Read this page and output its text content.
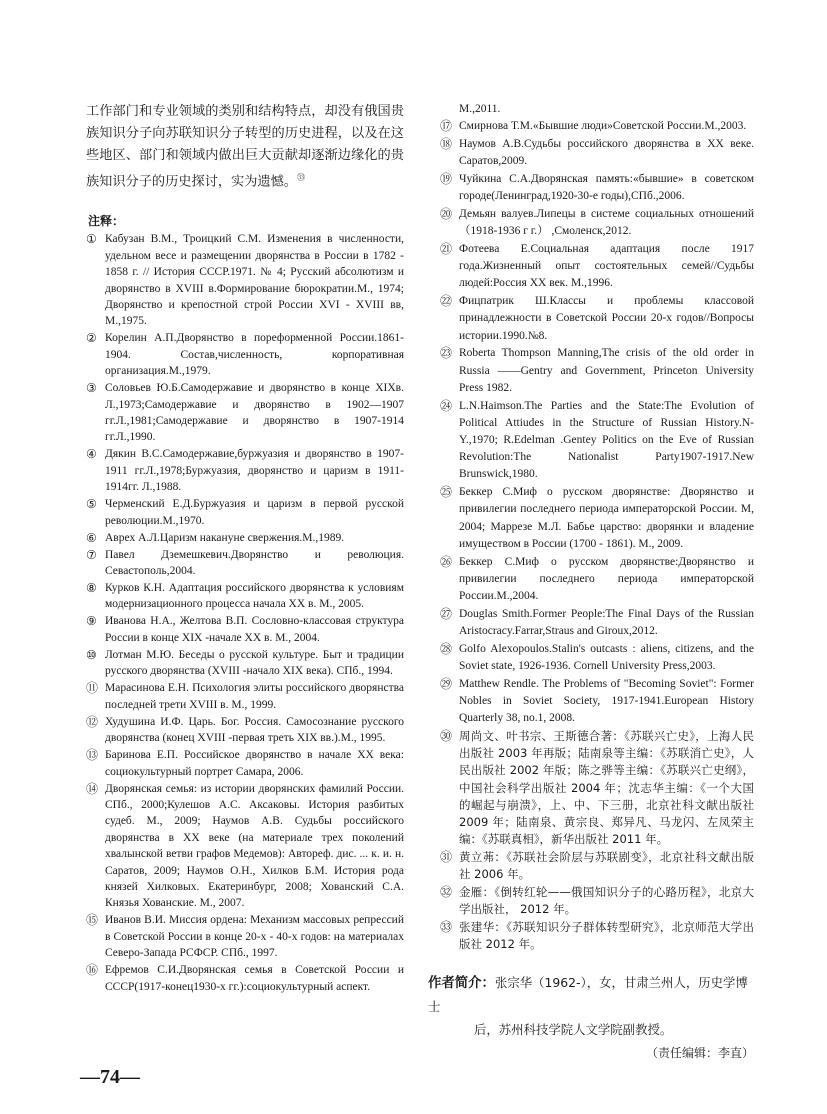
工作部门和专业领域的类别和结构特点，却没有俄国贵族知识分子向苏联知识分子转型的历史进程，以及在这些地区、部门和领域内做出巨大贡献却逐渐边缘化的贵族知识分子的历史探讨，实为遗憾。$^㉝$

注释：
① Кабузан В.М., Троицкий С.М. Изменения в численности, удельном весе и размещении дворянства в России в 1782 - 1858 г. // История СССР.1971. № 4; Русский абсолютизм и дворянство в XVIII в.Формирование бюрократии.М., 1974; Дворянство и крепостной строй России XVI - XVIII вв, М.,1975.
② Корелин А.П.Дворянство в пореформенной России.1861-1904. Состав,численность, корпоративная организация.М.,1979.
③ Соловьев Ю.Б.Самодержавие и дворянство в конце XIXв. Л.,1973;Самодержавие и дворянство в 1902—1907 гг.Л.,1981;Самодержавие и дворянство в 1907-1914 гг.Л.,1990.
④ Дякин В.С.Самодержавие,буржуазия и дворянство в 1907-1911 гг.Л.,1978;Буржуазия, дворянство и царизм в 1911-1914гг. Л.,1988.
⑤ Черменский Е.Д.Буржуазия и царизм в первой русской революции.М.,1970.
⑥ Аврех А.Л.Царизм накануне свержения.М.,1989.
⑦ Павел Дземешкевич.Дворянство и революция. Севастополь,2004.
⑧ Курков К.Н. Адаптация российского дворянства к условиям модернизационного процесса начала XX в. М., 2005.
⑨ Иванова Н.А., Желтова В.П. Сословно-классовая структура России в конце XIX -начале XX в. М., 2004.
⑩ Лотман М.Ю. Беседы о русской культуре. Быт и традиции русского дворянства (XVIII -начало XIX века). СПб., 1994.
⑪ Марасинова Е.Н. Психология элиты российского дворянства последней трети XVIII в. М., 1999.
⑫ Худушина И.Ф. Царь. Бог. Россия. Самосознание русского дворянства (конец XVIII -первая треть XIX вв.).М., 1995.
⑬ Баринова Е.П. Российское дворянство в начале XX века: социокультурный портрет Самара, 2006.
⑭ Дворянская семья: из истории дворянских фамилий России. СПб., 2000;Кулешов А.С. Аксаковы. История разбитых судеб. М., 2009; Наумов А.В. Судьбы российского дворянства в XX веке (на материале трех поколений хвалынской ветви графов Медемов): Автореф. дис. ... к. и. н. Саратов, 2009; Наумов О.Н., Хилков Б.М. История рода князей Хилковых. Екатеринбург, 2008; Хованский С.А. Князья Хованские. М., 2007.
⑮ Иванов В.И. Миссия ордена: Механизм массовых репрессий в Советской России в конце 20-х - 40-х годов: на материалах Северо-Запада РСФСР. СПб., 1997.
⑯ Ефремов С.И.Дворянская семья в Советской России и СССР(1917-конец1930-х гг.):социокультурный аспект.
—74—
М.,2011.
⑰ Смирнова Т.М.«Бывшие люди»Советской России.М.,2003.
⑱ Наумов А.В.Судьбы российского дворянства в XX веке. Саратов,2009.
⑲ Чуйкина С.А.Дворянская память:«бывшие» в советском городе(Ленинград,1920-30-е годы),СПб.,2006.
⑳ Демьян валуев.Липецы в системе социальных отношений （1918-1936 г г.） ,Смоленск,2012.
㉑ Фотеева Е.Социальная адаптация после 1917 года.Жизненный опыт состоятельных семей//Судьбы людей:Россия XX век. М.,1996.
㉒ Фицпатрик Ш.Классы и проблемы классовой принадлежности в Советской России 20-х годов//Вопросы истории.1990.№8.
㉓ Roberta Thompson Manning,The crisis of the old order in Russia ——Gentry and Government, Princeton University Press 1982.
㉔ L.N.Haimson.The Parties and the State:The Evolution of Political Attiudes in the Structure of Russian History.N-Y.,1970; R.Edelman .Gentey Politics on the Eve of Russian Revolution:The Nationalist Party1907-1917.New Brunswick,1980.
㉕ Беккер С.Миф о русском дворянстве: Дворянство и привилегии последнего периода императорской России. М, 2004; Маррезе М.Л. Бабье царство: дворянки и владение имуществом в России (1700 - 1861). М., 2009.
㉖ Беккер С.Миф о русском дворянстве:Дворянство и привилегии последнего периода императорской России.М.,2004.
㉗ Douglas Smith.Former People:The Final Days of the Russian Aristocracy.Farrar,Straus and Giroux,2012.
㉘ Golfo Alexopoulos.Stalin's outcasts : aliens, citizens, and the Soviet state, 1926-1936. Cornell University Press,2003.
㉙ Matthew Rendle. The Problems of "Becoming Soviet": Former Nobles in Soviet Society, 1917-1941.European History Quarterly 38, no.1, 2008.
㉚ 周尚文、叶书宗、王斯德合著：《苏联兴亡史》，上海人民出版社 2003 年再版；陆南泉等主编：《苏联消亡史》，人民出版社 2002 年版；陈之骅等主编：《苏联兴亡史纲》，中国社会科学出版社 2004 年；沈志华主编：《一个大国的崛起与崩溃》，上、中、下三册，北京社科文献出版社 2009 年；陆南泉、黄宗良、郑异凡、马龙闪、左凤荣主编：《苏联真相》，新华出版社 2011 年。
㉛ 黄立茀：《苏联社会阶层与苏联剧变》，北京社科文献出版社 2006 年。
㉜ 金雁：《倒转红轮——俄国知识分子的心路历程》，北京大学出版社， 2012 年。
㉝ 张建华：《苏联知识分子群体转型研究》，北京师范大学出版社 2012 年。
作者简介：张宗华（1962-），女，甘肃兰州人，历史学博士
后，苏州科技学院人文学院副教授。
（责任编辑：李直）
